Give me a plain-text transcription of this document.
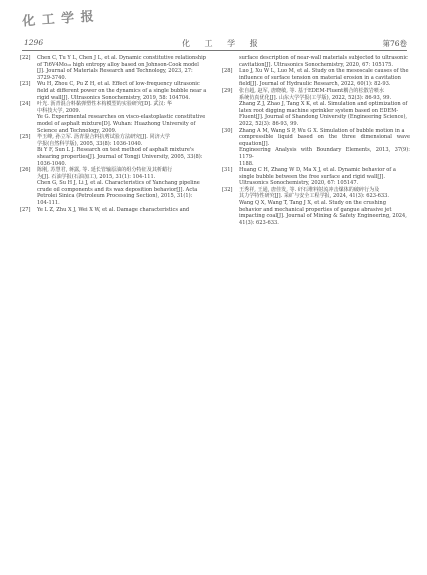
化 工 学 报
1296	化 工 学 报	第76卷
[22]	Chen C, Tu Y L, Chen J L, et al. Dynamic constitutive relationship
of Ti6V4Mo₁₀ high entropy alloy based on Johnson-Cook model
[J]. Journal of Materials Research and Technology, 2023, 27:
3729-3740.
[23]	Wu H, Zhou C, Pu Z H, et al. Effect of low-frequency ultrasonic
field at different power on the dynamics of a single bubble near a
rigid wall[J]. Ultrasonics Sonochemistry, 2019, 58: 104704.
[24]	叶光. 沥青混合料黏弹塑性本构模型的实验研究[D]. 武汉: 华
中科技大学, 2009.
Ye G. Experimental researches on visco-elastoplastic constitutive
model of asphalt mixture[D]. Wuhan: Huazhong University of
Science and Technology, 2009.
[25]	毕玉峰, 孙立军. 沥青混合料抗剪试验方法研究[J]. 同济大学
学报(自然科学版), 2005, 33(8): 1036-1040.
Bi Y F, Sun L J. Research on test method of asphalt mixture's
shearing properties[J]. Journal of Tongji University, 2005, 33(8):
1036-1040.
[26]	陈刚, 苏慧君, 蒋露, 等. 延长管输原油的组分特征及其析蜡行
为[J]. 石油学报(石油加工), 2015, 31(1): 104-111.
Chen G, Su H J, Li J, et al. Characteristics of Yanchang pipeline
crude oil components and its wax deposition behavior[J]. Acta
Petrolei Sinica (Petroleum Processing Section), 2015, 31(1):
104-111.
[27]	Ye L Z, Zhu X J, Wei X W, et al. Damage characteristics and
surface description of near-wall materials subjected to ultrasonic
cavitation[J]. Ultrasonics Sonochemistry, 2020, 67: 105175.
[28]	Luo J, Xu W L, Luo M, et al. Study on the mesoscale causes of the
influence of surface tension on material erosion in a cavitation
field[J]. Journal of Hydraulic Research, 2022, 60(1): 82-93.
[29]	张自超, 赵军, 唐晓敏, 等. 基于EDEM-Fluent耦合的松散岩喷水
系统仿真优化[J]. 山东大学学报(工学版), 2022, 52(3): 86-93, 99.
Zhang Z J, Zhao J, Tang X K, et al. Simulation and optimization of
latex root digging machine sprinkler system based on EDEM-
Fluent[J]. Journal of Shandong University (Engineering Science),
2022, 52(3): 86-93, 99.
[30]	Zhang A M, Wang S P, Wu G X. Simulation of bubble motion in a
compressible liquid based on the three dimensional wave equation[J].
Engineering Analysis with Boundary Elements, 2013, 37(9): 1179-
1188.
[31]	Huang C H, Zhang W D, Ma X J, et al. Dynamic behavior of a
single bubble between the free surface and rigid wall[J].
Ultrasonics Sonochemistry, 2020, 67: 105147.
[32]	王秀祥, 王通, 唐佳发, 等. 矸石堆料射流冲击煤体的破碎行为及
其力学特性研究[J]. 采矿与安全工程学报, 2024, 41(3): 623-633.
Wang Q X, Wang T, Tang J X, et al. Study on the crushing
behavior and mechanical properties of gangue abrasive jet
impacting coal[J]. Journal of Mining & Safety Engineering, 2024,
41(3): 623-633.
